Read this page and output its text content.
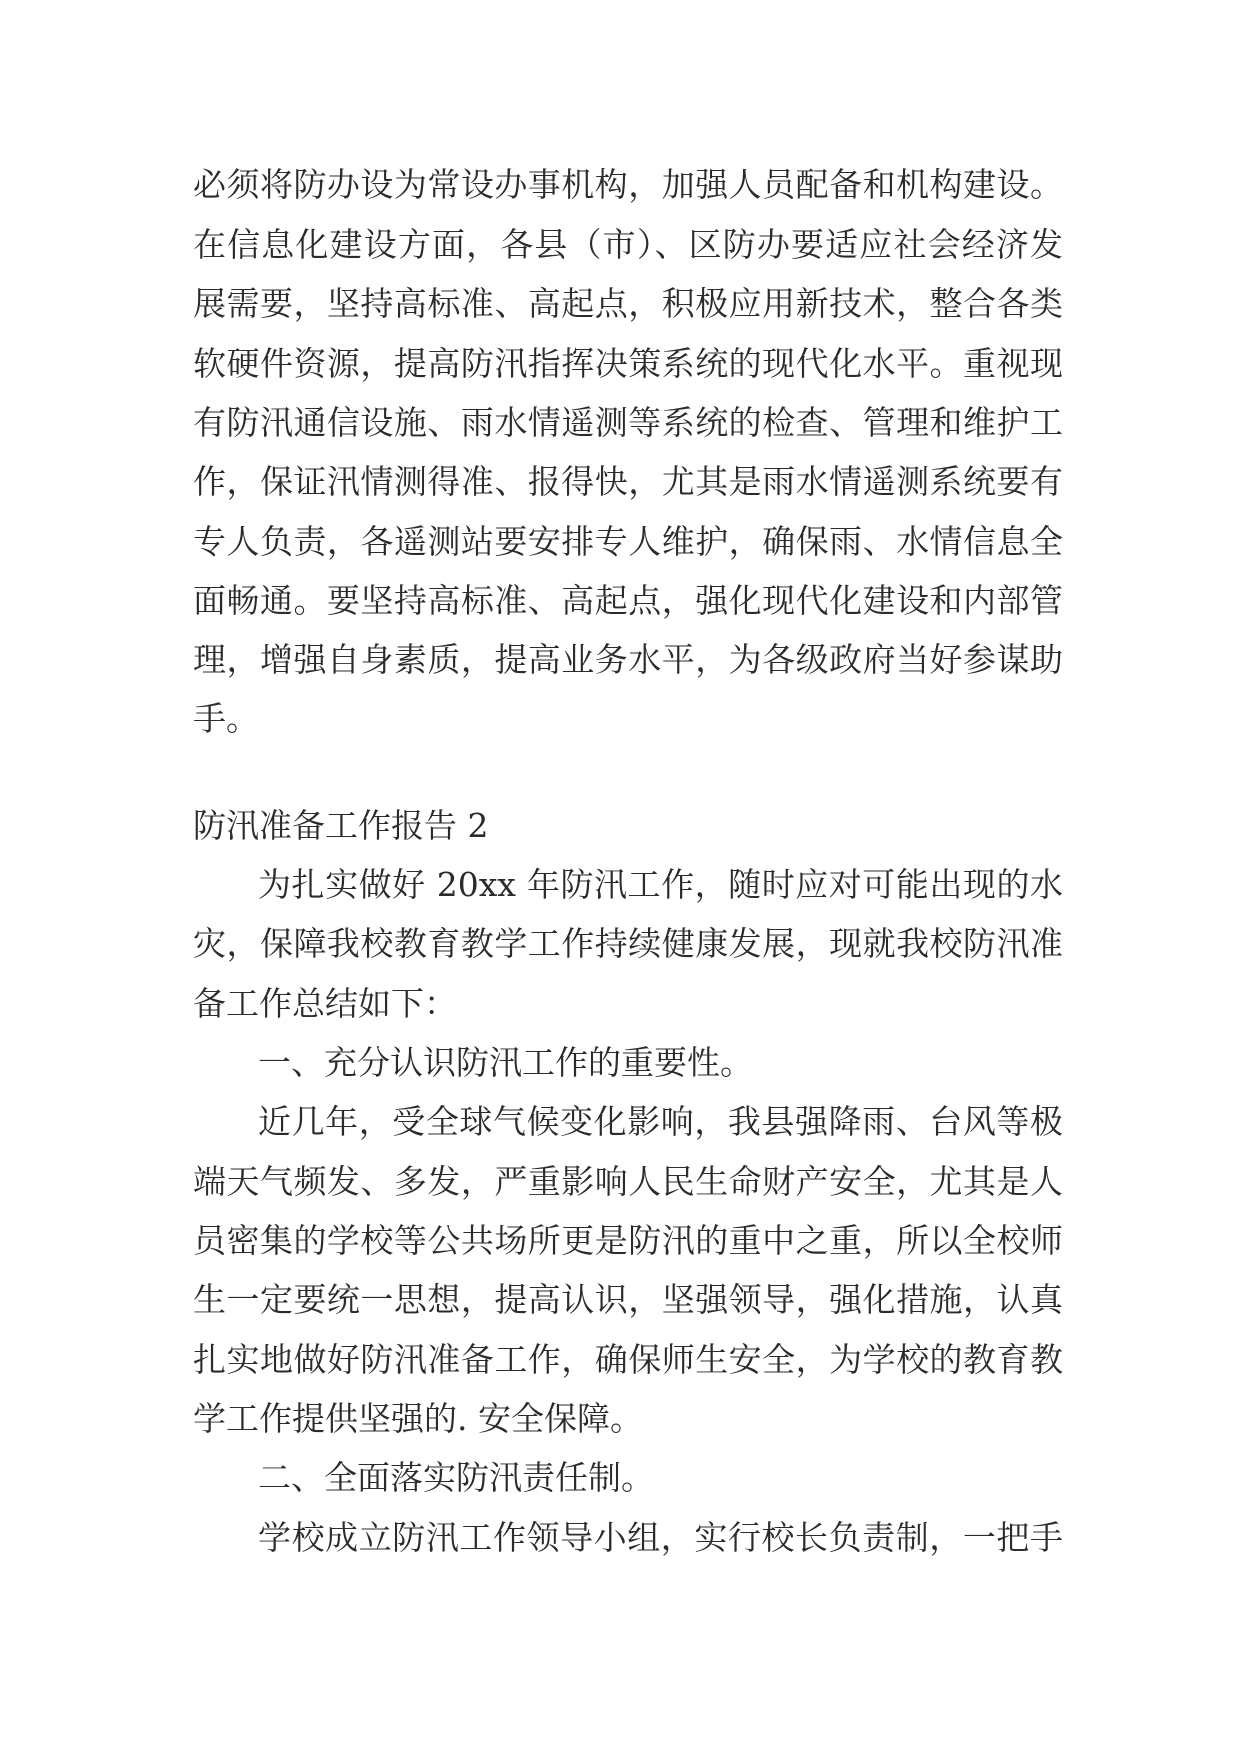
必须将防办设为常设办事机构，加强人员配备和机构建设。
在信息化建设方面，各县（市）、区防办要适应社会经济发
展需要，坚持高标准、高起点，积极应用新技术，整合各类
软硬件资源，提高防汛指挥决策系统的现代化水平。重视现
有防汛通信设施、雨水情遥测等系统的检查、管理和维护工
作，保证汛情测得准、报得快，尤其是雨水情遥测系统要有
专人负责，各遥测站要安排专人维护，确保雨、水情信息全
面畅通。要坚持高标准、高起点，强化现代化建设和内部管
理，增强自身素质，提高业务水平，为各级政府当好参谋助
手。
防汛准备工作报告 2
为扎实做好 20xx 年防汛工作，随时应对可能出现的水
灾，保障我校教育教学工作持续健康发展，现就我校防汛准
备工作总结如下：
一、充分认识防汛工作的重要性。
近几年，受全球气候变化影响，我县强降雨、台风等极
端天气频发、多发，严重影响人民生命财产安全，尤其是人
员密集的学校等公共场所更是防汛的重中之重，所以全校师
生一定要统一思想，提高认识，坚强领导，强化措施，认真
扎实地做好防汛准备工作，确保师生安全，为学校的教育教
学工作提供坚强的. 安全保障。
二、全面落实防汛责任制。
学校成立防汛工作领导小组，实行校长负责制，一把手
